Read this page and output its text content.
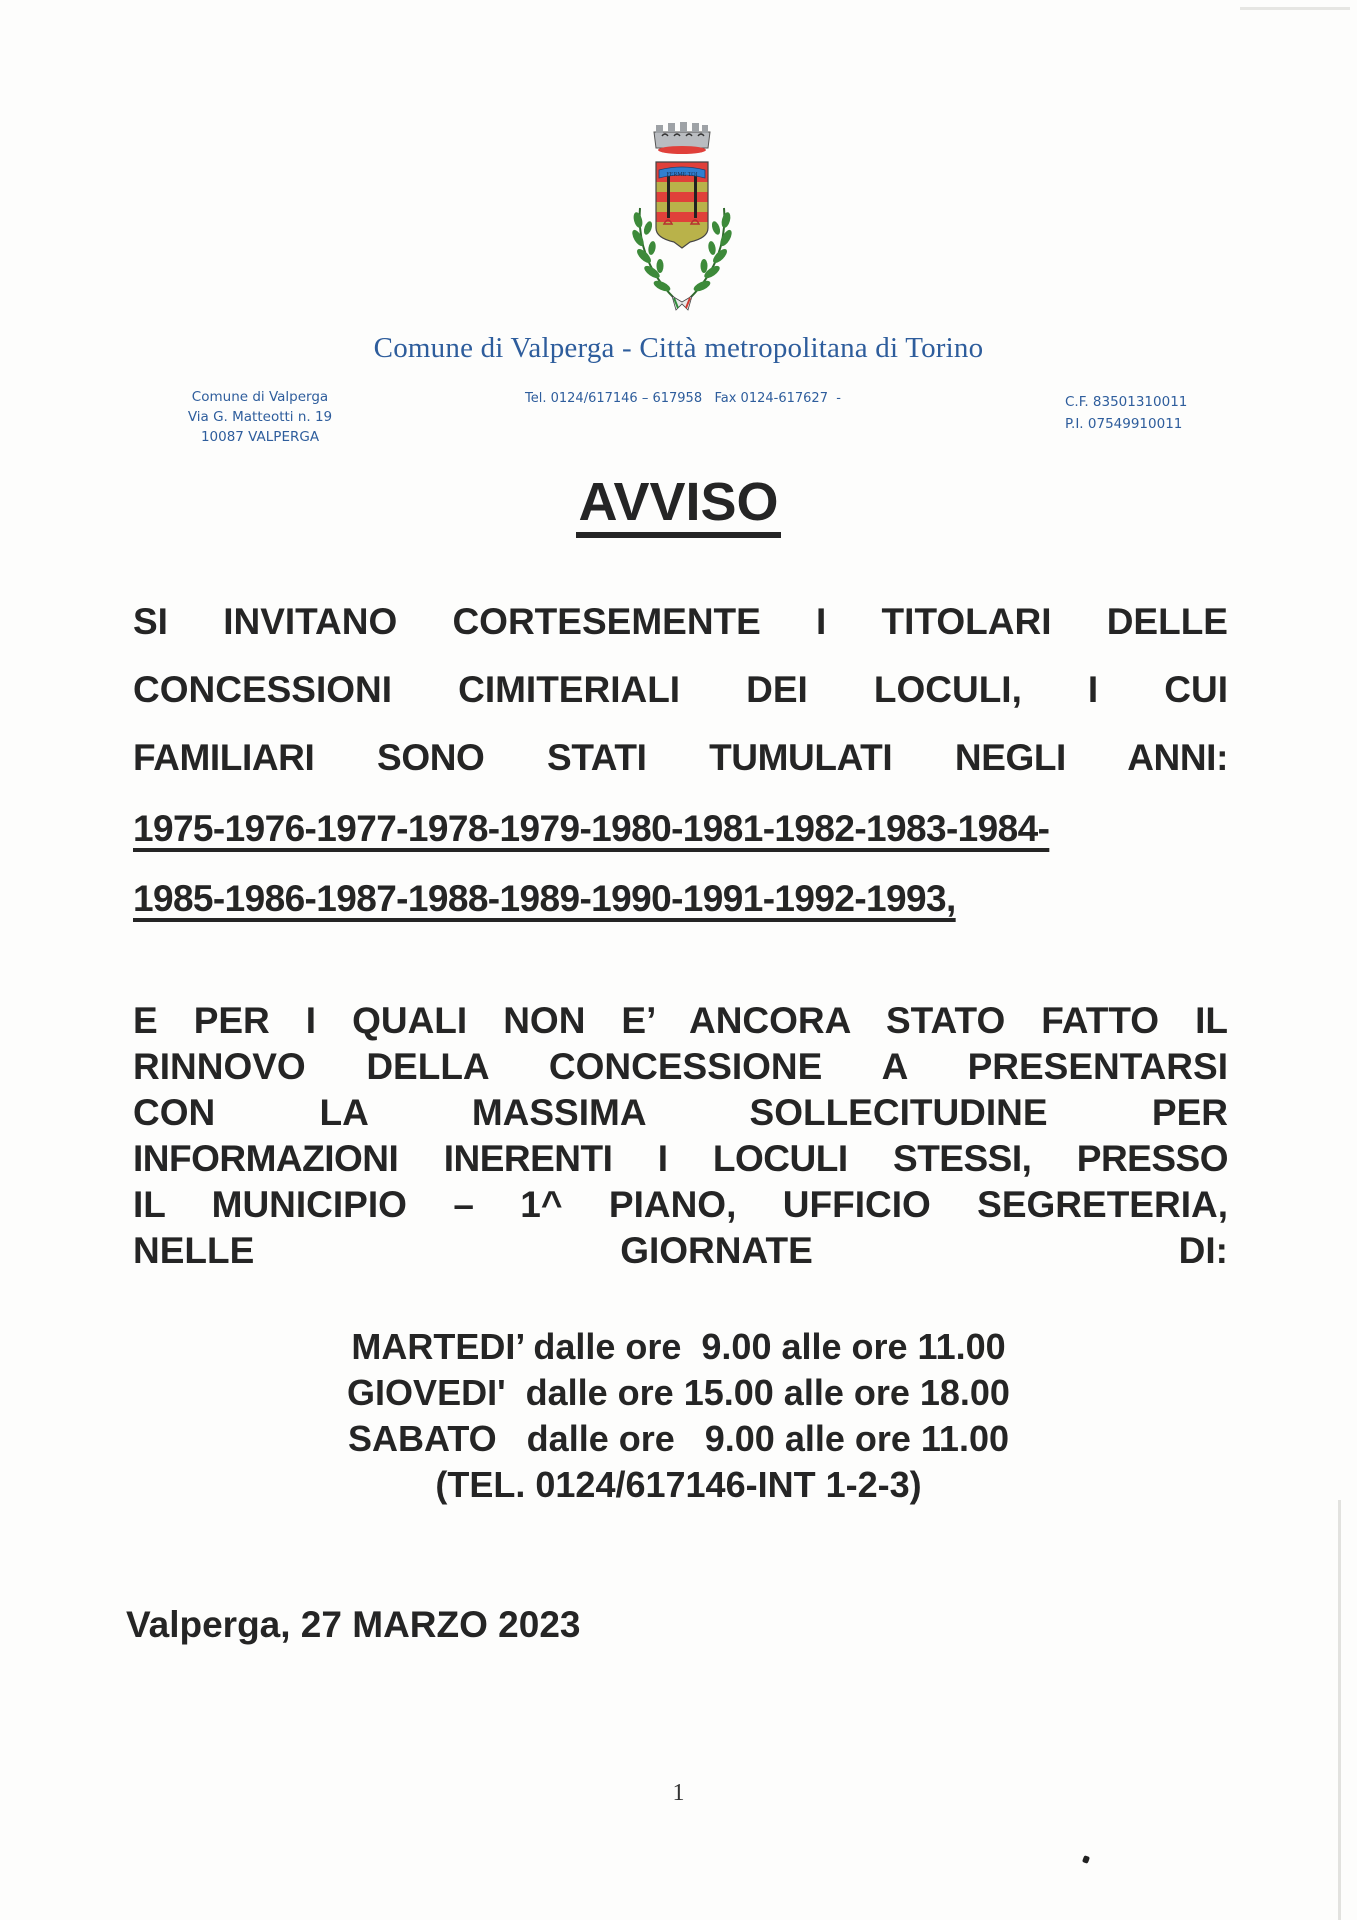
FERME TOI
Comune di Valperga - Città metropolitana di Torino
Comune di Valperga
Via G. Matteotti n. 19
10087 VALPERGA
Tel. 0124/617146 – 617958   Fax 0124-617627  -	C.F. 83501310011
P.I. 07549910011
AVVISO
SI INVITANO CORTESEMENTE I TITOLARI DELLE
CONCESSIONI CIMITERIALI DEI LOCULI, I CUI
FAMILIARI SONO STATI TUMULATI NEGLI ANNI:
1975-1976-1977-1978-1979-1980-1981-1982-1983-1984-
1985-1986-1987-1988-1989-1990-1991-1992-1993,
E PER I QUALI NON E’ ANCORA STATO FATTO IL
RINNOVO DELLA CONCESSIONE A PRESENTARSI
CON LA MASSIMA SOLLECITUDINE PER
INFORMAZIONI INERENTI I LOCULI STESSI, PRESSO
IL MUNICIPIO – 1^ PIANO, UFFICIO SEGRETERIA,
NELLE GIORNATE DI:
MARTEDI’ dalle ore  9.00 alle ore 11.00
GIOVEDI'  dalle ore 15.00 alle ore 18.00
SABATO   dalle ore   9.00 alle ore 11.00
(TEL. 0124/617146-INT 1-2-3)
Valperga, 27 MARZO 2023
1
